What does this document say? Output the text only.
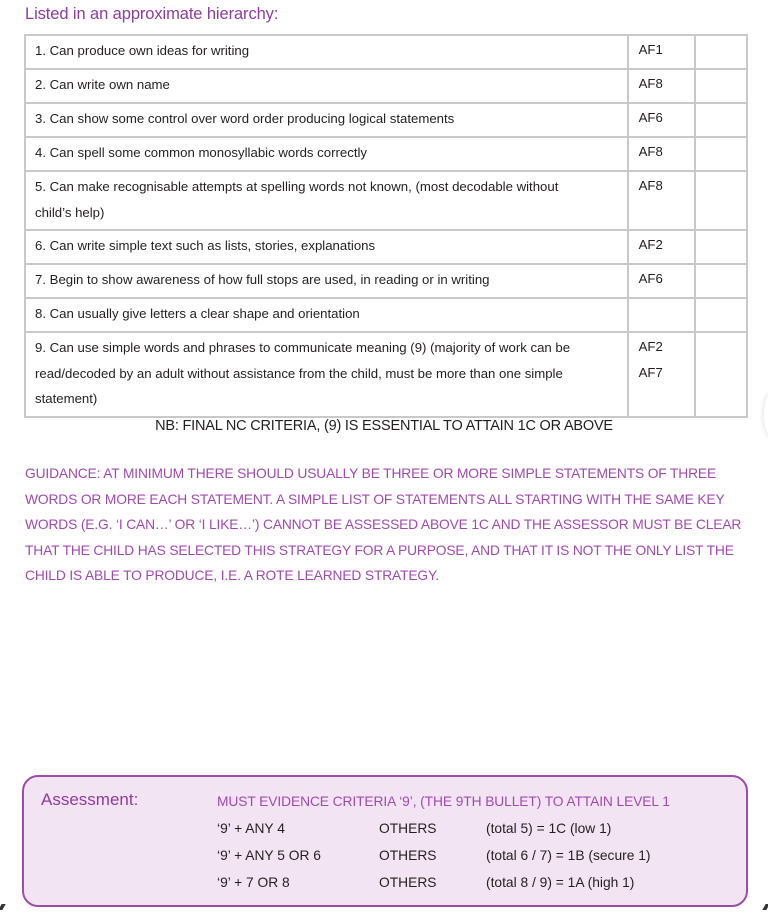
Listed in an approximate hierarchy:
1. Can produce own ideas for writing	AF1	

2. Can write own name	AF8	

3. Can show some control over word order producing logical statements	AF6	

4. Can spell some common monosyllabic words correctly	AF8	

5. Can make recognisable attempts at spelling words not known, (most decodable without
child’s help)	AF8	

6. Can write simple text such as lists, stories, explanations	AF2	

7. Begin to show awareness of how full stops are used, in reading or in writing	AF6	

8. Can usually give letters a clear shape and orientation		

9. Can use simple words and phrases to communicate meaning (9) (majority of work can be
read/decoded by an adult without assistance from the child, must be more than one simple
statement)	AF2
AF7	

NB: FINAL NC CRITERIA, (9) IS ESSENTIAL TO ATTAIN 1C OR ABOVE
GUIDANCE: AT MINIMUM THERE SHOULD USUALLY BE THREE OR MORE SIMPLE STATEMENTS OF THREE
WORDS OR MORE EACH STATEMENT. A SIMPLE LIST OF STATEMENTS ALL STARTING WITH THE SAME KEY
WORDS (E.G. ‘I CAN…’ OR ‘I LIKE…’) CANNOT BE ASSESSED ABOVE 1C AND THE ASSESSOR MUST BE CLEAR
THAT THE CHILD HAS SELECTED THIS STRATEGY FOR A PURPOSE, AND THAT IT IS NOT THE ONLY LIST THE
CHILD IS ABLE TO PRODUCE, I.E. A ROTE LEARNED STRATEGY.
Assessment:	MUST EVIDENCE CRITERIA ‘9’, (THE 9TH BULLET) TO ATTAIN LEVEL 1
‘9’ + ANY 4	OTHERS	(total 5) = 1C (low 1)
‘9’ + ANY 5 OR 6	OTHERS	(total 6 / 7) = 1B (secure 1)
‘9’ + 7 OR 8	OTHERS	(total 8 / 9) = 1A (high 1)
